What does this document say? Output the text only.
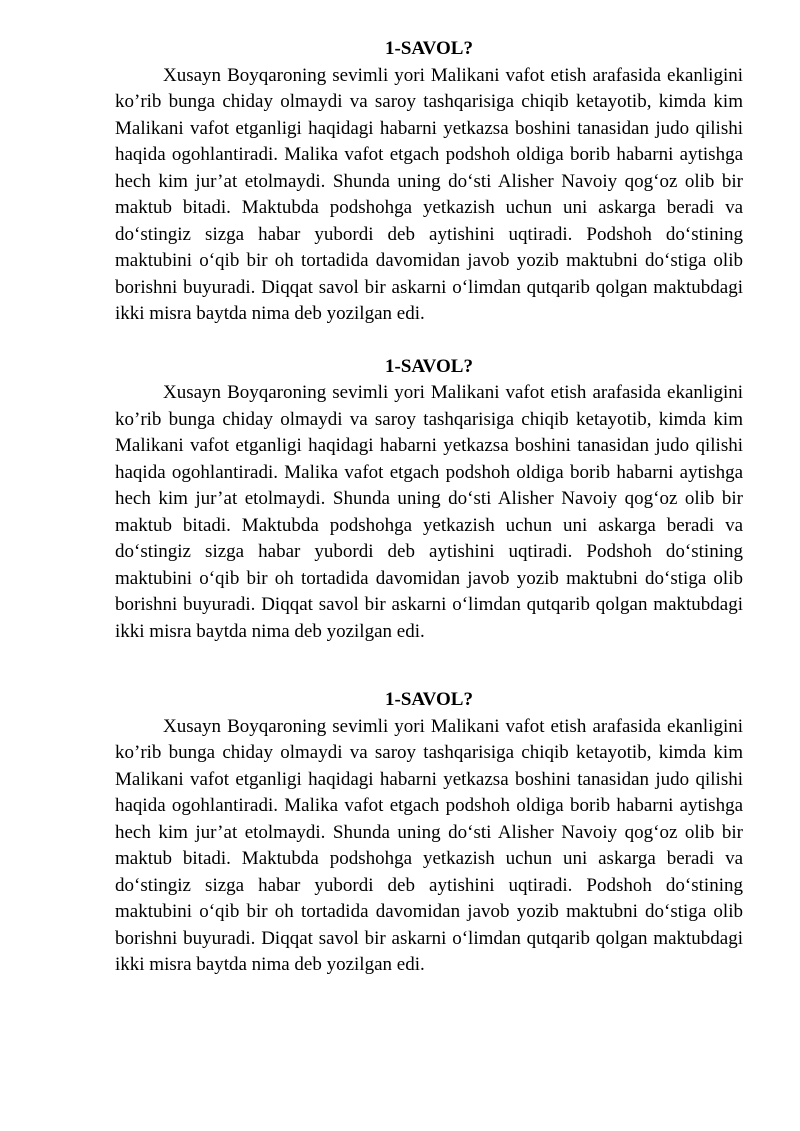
1-SAVOL?

Xusayn Boyqaroning sevimli yori Malikani vafot etish arafasida ekanligini ko’rib bunga chiday olmaydi va saroy tashqarisiga chiqib ketayotib, kimda kim Malikani vafot etganligi haqidagi habarni yetkazsa boshini tanasidan judo qilishi haqida ogohlantiradi. Malika vafot etgach podshoh oldiga borib habarni aytishga hech kim jur’at etolmaydi. Shunda uning do‘sti Alisher Navoiy qog‘oz olib bir maktub bitadi. Maktubda podshohga yetkazish uchun uni askarga beradi va do‘stingiz sizga habar yubordi deb aytishini uqtiradi. Podshoh do‘stining maktubini o‘qib bir oh tortadida davomidan javob yozib maktubni do‘stiga olib borishni buyuradi. Diqqat savol bir askarni o‘limdan qutqarib qolgan maktubdagi ikki misra baytda nima deb yozilgan edi.

1-SAVOL?

Xusayn Boyqaroning sevimli yori Malikani vafot etish arafasida ekanligini ko’rib bunga chiday olmaydi va saroy tashqarisiga chiqib ketayotib, kimda kim Malikani vafot etganligi haqidagi habarni yetkazsa boshini tanasidan judo qilishi haqida ogohlantiradi. Malika vafot etgach podshoh oldiga borib habarni aytishga hech kim jur’at etolmaydi. Shunda uning do‘sti Alisher Navoiy qog‘oz olib bir maktub bitadi. Maktubda podshohga yetkazish uchun uni askarga beradi va do‘stingiz sizga habar yubordi deb aytishini uqtiradi. Podshoh do‘stining maktubini o‘qib bir oh tortadida davomidan javob yozib maktubni do‘stiga olib borishni buyuradi. Diqqat savol bir askarni o‘limdan qutqarib qolgan maktubdagi ikki misra baytda nima deb yozilgan edi.

1-SAVOL?

Xusayn Boyqaroning sevimli yori Malikani vafot etish arafasida ekanligini ko’rib bunga chiday olmaydi va saroy tashqarisiga chiqib ketayotib, kimda kim Malikani vafot etganligi haqidagi habarni yetkazsa boshini tanasidan judo qilishi haqida ogohlantiradi. Malika vafot etgach podshoh oldiga borib habarni aytishga hech kim jur’at etolmaydi. Shunda uning do‘sti Alisher Navoiy qog‘oz olib bir maktub bitadi. Maktubda podshohga yetkazish uchun uni askarga beradi va do‘stingiz sizga habar yubordi deb aytishini uqtiradi. Podshoh do‘stining maktubini o‘qib bir oh tortadida davomidan javob yozib maktubni do‘stiga olib borishni buyuradi. Diqqat savol bir askarni o‘limdan qutqarib qolgan maktubdagi ikki misra baytda nima deb yozilgan edi.
